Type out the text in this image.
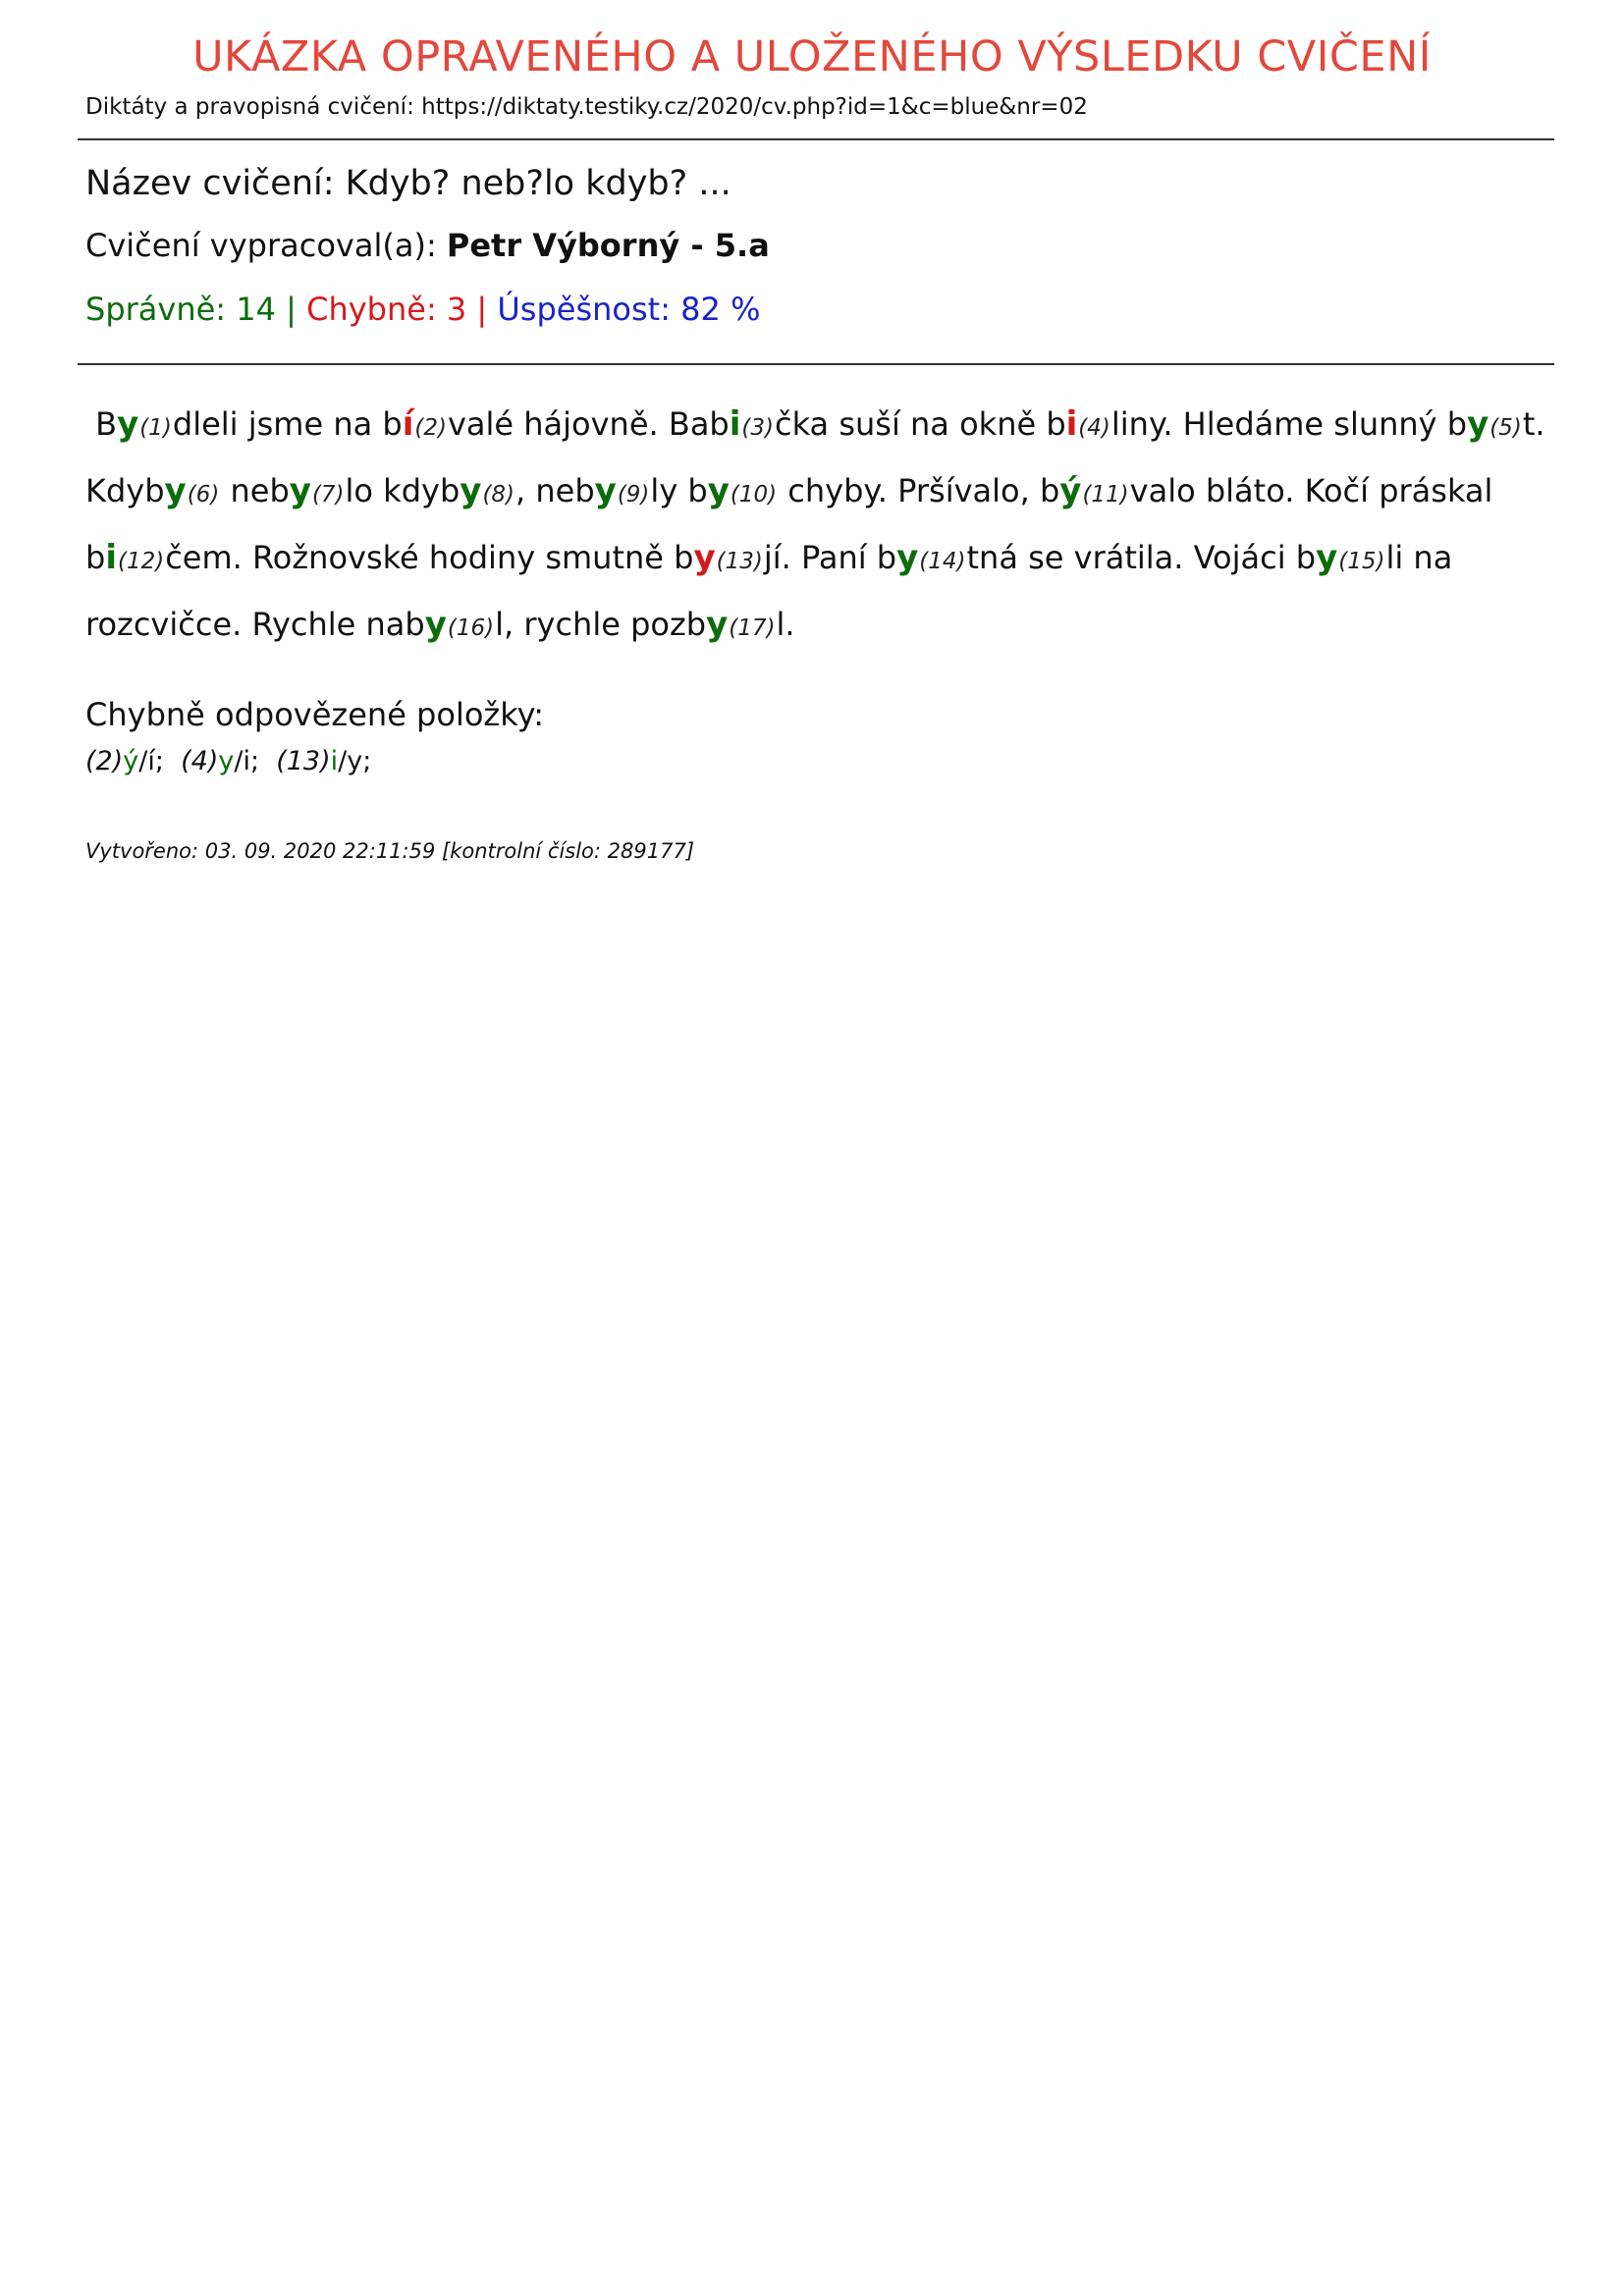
UKÁZKA OPRAVENÉHO A ULOŽENÉHO VÝSLEDKU CVIČENÍ
Diktáty a pravopisná cvičení: https://diktaty.testiky.cz/2020/cv.php?id=1&c=blue&nr=02
Název cvičení: Kdyb? neb?lo kdyb? ...
Cvičení vypracoval(a): Petr Výborný - 5.a
Správně: 14 | Chybně: 3 | Úspěšnost: 82 %
By(1)dleli jsme na bí(2)valé hájovně. Babi(3)čka suší na okně bi(4)liny. Hledáme slunný by(5)t. Kdyby(6) neby(7)lo kdyby(8), neby(9)ly by(10) chyby. Pršívalo, bý(11)valo bláto. Kočí práskal bi(12)čem. Rožnovské hodiny smutně by(13)jí. Paní by(14)tná se vrátila. Vojáci by(15)li na rozcvičce. Rychle naby(16)l, rychle pozby(17)l.
Chybně odpovězené položky:
(2)ý/í; (4)y/i; (13)i/y;
Vytvořeno: 03. 09. 2020 22:11:59 [kontrolní číslo: 289177]
